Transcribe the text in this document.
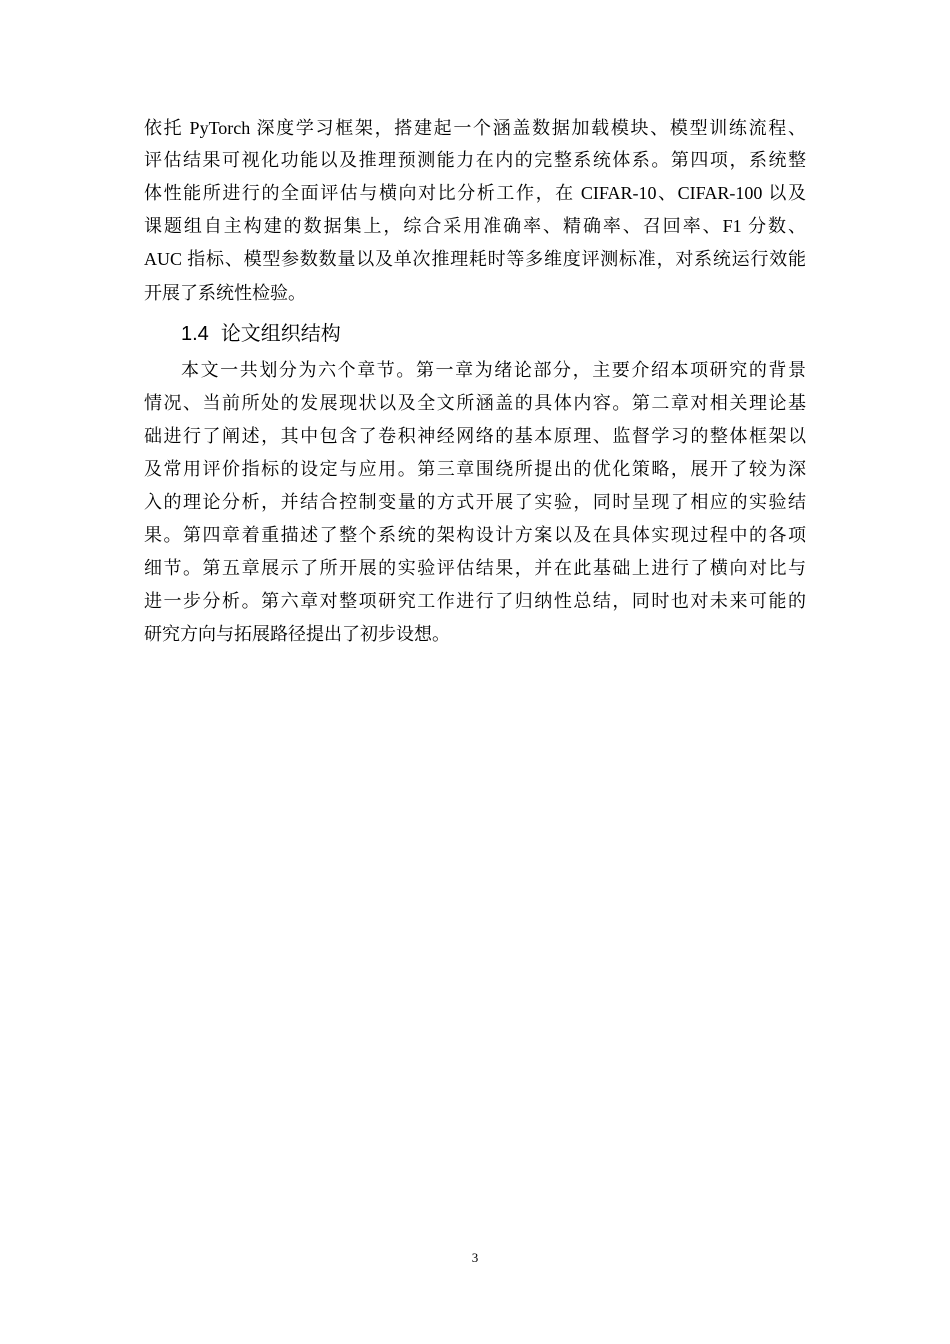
依托 PyTorch 深度学习框架，搭建起一个涵盖数据加载模块、模型训练流程、
评估结果可视化功能以及推理预测能力在内的完整系统体系。第四项，系统整
体性能所进行的全面评估与横向对比分析工作，在 CIFAR-10、CIFAR-100 以及
课题组自主构建的数据集上，综合采用准确率、精确率、召回率、F1 分数、
AUC 指标、模型参数数量以及单次推理耗时等多维度评测标准，对系统运行效能
开展了系统性检验。
1.4 论文组织结构
本文一共划分为六个章节。第一章为绪论部分，主要介绍本项研究的背景
情况、当前所处的发展现状以及全文所涵盖的具体内容。第二章对相关理论基
础进行了阐述，其中包含了卷积神经网络的基本原理、监督学习的整体框架以
及常用评价指标的设定与应用。第三章围绕所提出的优化策略，展开了较为深
入的理论分析，并结合控制变量的方式开展了实验，同时呈现了相应的实验结
果。第四章着重描述了整个系统的架构设计方案以及在具体实现过程中的各项
细节。第五章展示了所开展的实验评估结果，并在此基础上进行了横向对比与
进一步分析。第六章对整项研究工作进行了归纳性总结，同时也对未来可能的
研究方向与拓展路径提出了初步设想。
3
